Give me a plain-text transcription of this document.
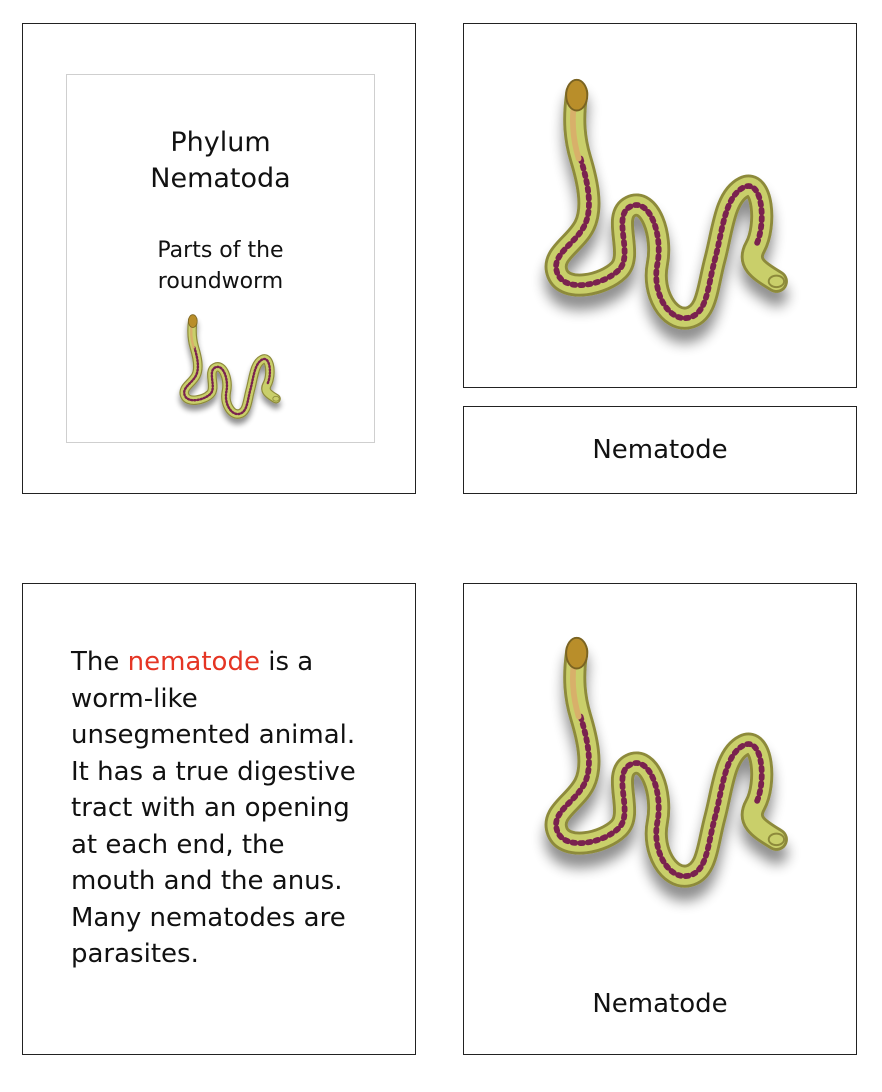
Phylum
Nematoda
Parts of the
roundworm
Nematode
The nematode is a worm-like unsegmented animal. It has a true digestive tract with an opening at each end, the mouth and the anus. Many nematodes are parasites.
Nematode
